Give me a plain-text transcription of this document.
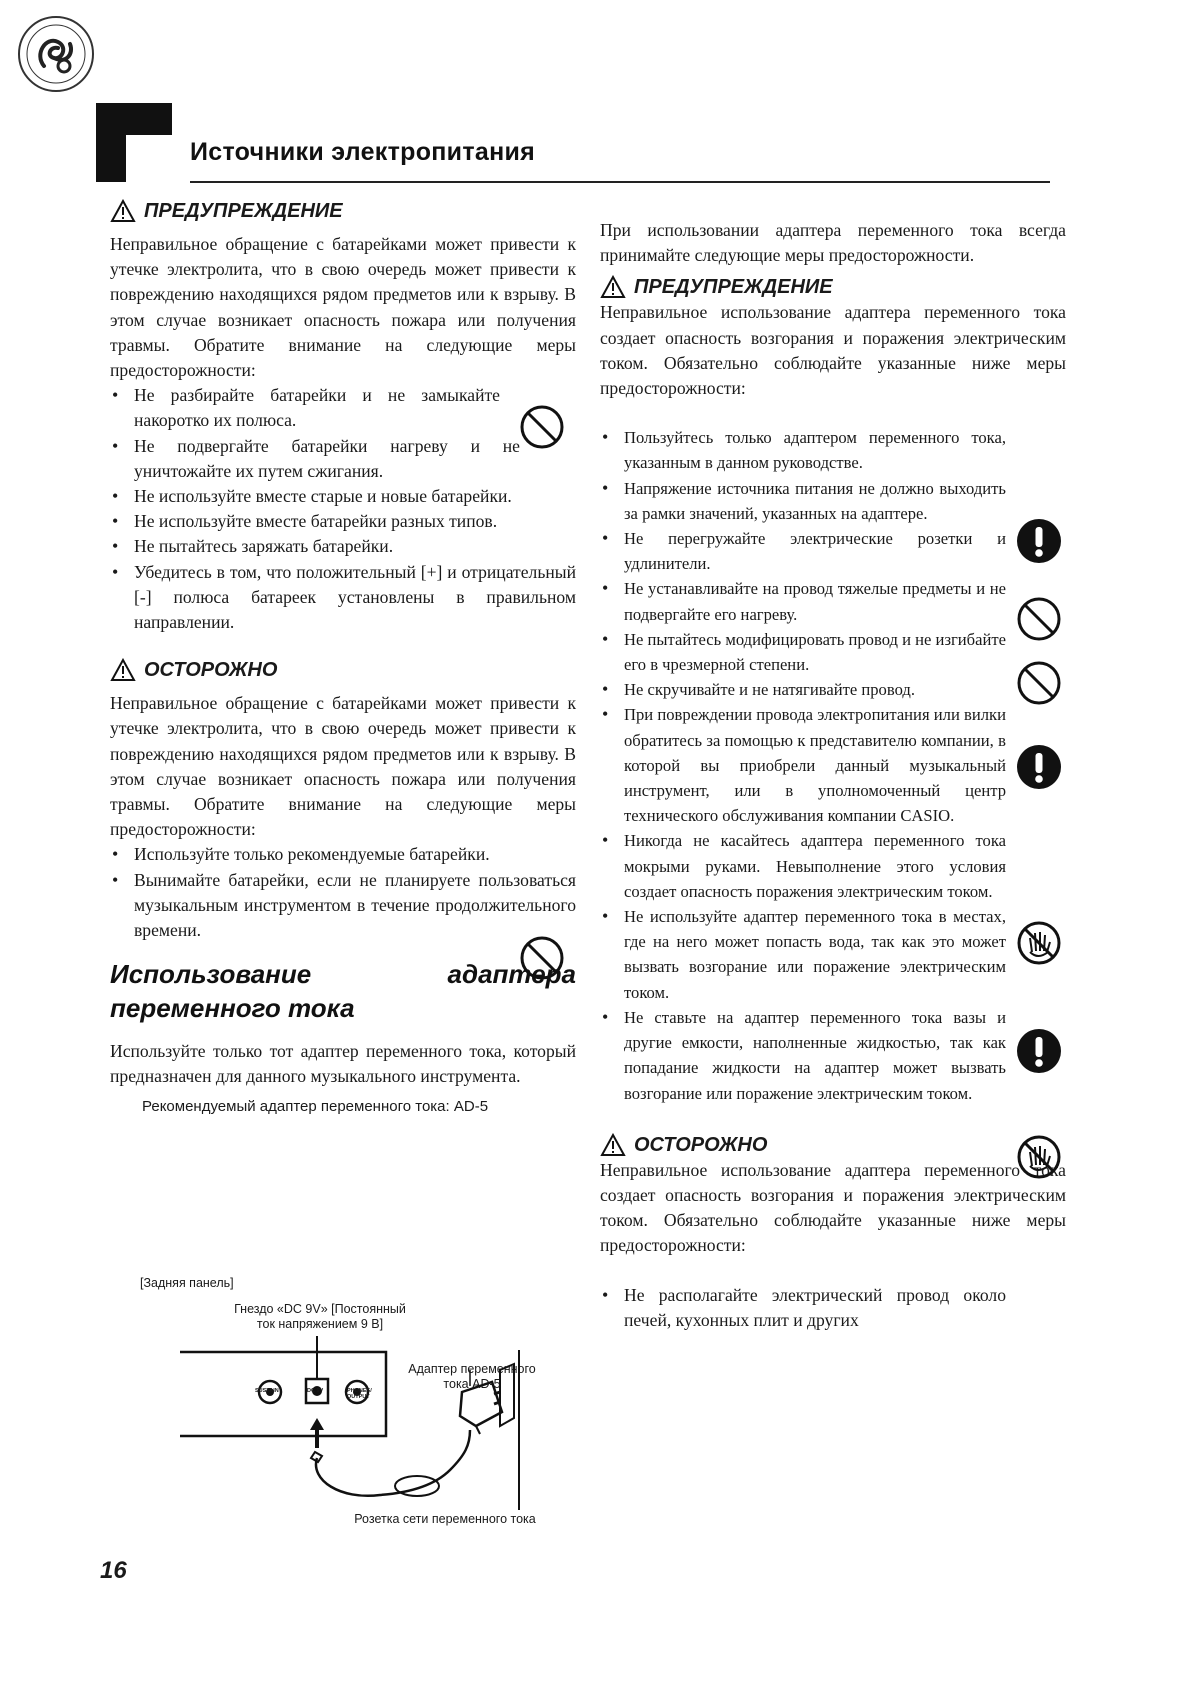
Источники электропитания
ПРЕДУПРЕЖДЕНИЕ

Неправильное обращение с батарейками может привести к утечке электролита, что в свою очередь может привести к повреждению находящихся рядом предметов или к взрыву. В этом случае возникает опасность пожара или получения травмы. Обратите внимание на следующие меры предосторожности:

• Не разбирайте батарейки и не замыкайте накоротко их полюса.
• Не подвергайте батарейки нагреву и не уничтожайте их путем сжигания.
• Не используйте вместе старые и новые батарейки.
• Не используйте вместе батарейки разных типов.
• Не пытайтесь заряжать батарейки.
• Убедитесь в том, что положительный [+] и отрицательный [-] полюса батареек установлены в правильном направлении.
ОСТОРОЖНО

Неправильное обращение с батарейками может привести к утечке электролита, что в свою очередь может привести к повреждению находящихся рядом предметов или к взрыву. В этом случае возникает опасность пожара или получения травмы. Обратите внимание на следующие меры предосторожности:

• Используйте только рекомендуемые батарейки.
• Вынимайте батарейки, если не планируете пользоваться музыкальным инструментом в течение продолжительного времени.
Использование	адаптера
переменного тока

Используйте только тот адаптер переменного тока, который предназначен для данного музыкального инструмента.

Рекомендуемый адаптер переменного тока: AD-5
[Задняя панель]
Гнездо «DC 9V» [Постоянный
ток напряжением 9 В]
Адаптер переменного
тока AD-5
Розетка сети переменного тока
SUSTAIN	DC 9V	PHONES/
OUTPUT

При использовании адаптера переменного тока всегда принимайте следующие меры предосторожности.

ПРЕДУПРЕЖДЕНИЕ

Неправильное использование адаптера переменного тока создает опасность возгорания и поражения электрическим током. Обязательно соблюдайте указанные ниже меры предосторожности:

• Пользуйтесь только адаптером переменного тока, указанным в данном руководстве.
• Напряжение источника питания не должно выходить за рамки значений, указанных на адаптере.
• Не перегружайте электрические розетки и удлинители.
• Не устанавливайте на провод тяжелые предметы и не подвергайте его нагреву.
• Не пытайтесь модифицировать провод и не изгибайте его в чрезмерной степени.
• Не скручивайте и не натягивайте провод.
• При повреждении провода электропитания или вилки обратитесь за помощью к представителю компании, в которой вы приобрели данный музыкальный инструмент, или в уполномоченный центр технического обслуживания компании CASIO.
• Никогда не касайтесь адаптера переменного тока мокрыми руками. Невыполнение этого условия создает опасность поражения электрическим током.
• Не используйте адаптер переменного тока в местах, где на него может попасть вода, так как это может вызвать возгорание или поражение электрическим током.
• Не ставьте на адаптер переменного тока вазы и другие емкости, наполненные жидкостью, так как попадание жидкости на адаптер может вызвать возгорание или поражение электрическим током.
ОСТОРОЖНО

Неправильное использование адаптера переменного тока создает опасность возгорания и поражения электрическим током. Обязательно соблюдайте указанные ниже меры предосторожности:

• Не располагайте электрический провод около печей, кухонных плит и других
16
